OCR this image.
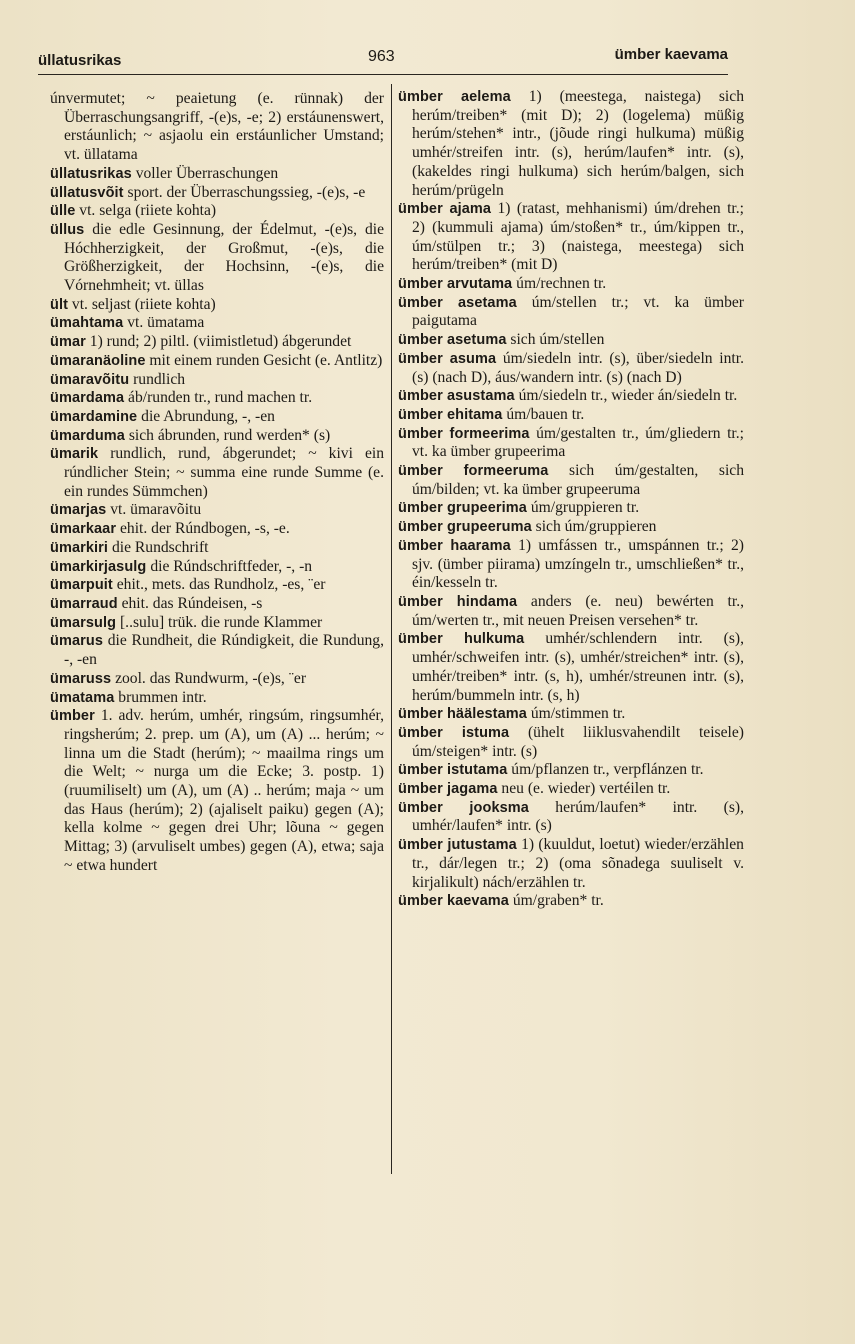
üllatusrikas	963	ümber kaevama
únvermutet; ~ peaietung (e. rünnak) der Überraschungsangriff, -(e)s, -e; 2) erstáunenswert, erstáunlich; ~ asjaolu ein erstáunlicher Umstand; vt. üllatama
üllatusrikas voller Überraschungen
üllatusvõit sport. der Überraschungssieg, -(e)s, -e
ülle vt. selga (riiete kohta)
üllus die edle Gesinnung, der Édelmut, -(e)s, die Hóchherzigkeit, der Großmut, -(e)s, die Größherzigkeit, der Hochsinn, -(e)s, die Vórnehmheit; vt. üllas
ült vt. seljast (riiete kohta)
ümahtama vt. ümatama
ümar 1) rund; 2) piltl. (viimistletud) ábgerundet
ümaranäoline mit einem runden Gesicht (e. Antlitz)
ümaravõitu rundlich
ümardama áb/runden tr., rund machen tr.
ümardamine die Abrundung, -, -en
ümarduma sich ábrunden, rund werden* (s)
ümarik rundlich, rund, ábgerundet; ~ kivi ein rúndlicher Stein; ~ summa eine runde Summe (e. ein rundes Sümmchen)
ümarjas vt. ümaravõitu
ümarkaar ehit. der Rúndbogen, -s, -e.
ümarkiri die Rundschrift
ümarkirjasulg die Rúndschriftfeder, -, -n
ümarpuit ehit., mets. das Rundholz, -es, ¨er
ümarraud ehit. das Rúndeisen, -s
ümarsulg [..sulu] trük. die runde Klammer
ümarus die Rundheit, die Rúndigkeit, die Rundung, -, -en
ümaruss zool. das Rundwurm, -(e)s, ¨er
ümatama brummen intr.
ümber 1. adv. herúm, umhér, ringsúm, ringsumhér, ringsherúm; 2. prep. um (A), um (A) ... herúm; ~ linna um die Stadt (herúm); ~ maailma rings um die Welt; ~ nurga um die Ecke; 3. postp. 1) (ruumiliselt) um (A), um (A) .. herúm; maja ~ um das Haus (herúm); 2) (ajaliselt paiku) gegen (A); kella kolme ~ gegen drei Uhr; lõuna ~ gegen Mittag; 3) (arvuliselt umbes) gegen (A), etwa; saja ~ etwa hundert
ümber aelema 1) (meestega, naistega) sich herúm/treiben* (mit D); 2) (logelema) müßig herúm/stehen* intr., (jõude ringi hulkuma) müßig umhér/streifen intr. (s), herúm/laufen* intr. (s), (kakeldes ringi hulkuma) sich herúm/balgen, sich herúm/prügeln
ümber ajama 1) (ratast, mehhanismi) úm/drehen tr.; 2) (kummuli ajama) úm/stoßen* tr., úm/kippen tr., úm/stülpen tr.; 3) (naistega, meestega) sich herúm/treiben* (mit D)
ümber arvutama úm/rechnen tr.
ümber asetama úm/stellen tr.; vt. ka ümber paigutama
ümber asetuma sich úm/stellen
ümber asuma úm/siedeln intr. (s), über/siedeln intr. (s) (nach D), áus/wandern intr. (s) (nach D)
ümber asustama úm/siedeln tr., wieder án/siedeln tr.
ümber ehitama úm/bauen tr.
ümber formeerima úm/gestalten tr., úm/gliedern tr.; vt. ka ümber grupeerima
ümber formeeruma sich úm/gestalten, sich úm/bilden; vt. ka ümber grupeeruma
ümber grupeerima úm/gruppieren tr.
ümber grupeeruma sich úm/gruppieren
ümber haarama 1) umfássen tr., umspánnen tr.; 2) sjv. (ümber piirama) umzíngeln tr., umschließen* tr., éin/kesseln tr.
ümber hindama anders (e. neu) bewérten tr., úm/werten tr., mit neuen Preisen versehen* tr.
ümber hulkuma umhér/schlendern intr. (s), umhér/schweifen intr. (s), umhér/streichen* intr. (s), umhér/treiben* intr. (s, h), umhér/streunen intr. (s), herúm/bummeln intr. (s, h)
ümber häälestama úm/stimmen tr.
ümber istuma (ühelt liiklusvahendilt teisele) úm/steigen* intr. (s)
ümber istutama úm/pflanzen tr., verpflánzen tr.
ümber jagama neu (e. wieder) vertéilen tr.
ümber jooksma herúm/laufen* intr. (s), umhér/laufen* intr. (s)
ümber jutustama 1) (kuuldut, loetut) wieder/erzählen tr., dár/legen tr.; 2) (oma sõnadega suuliselt v. kirjalikult) nách/erzählen tr.
ümber kaevama úm/graben* tr.
